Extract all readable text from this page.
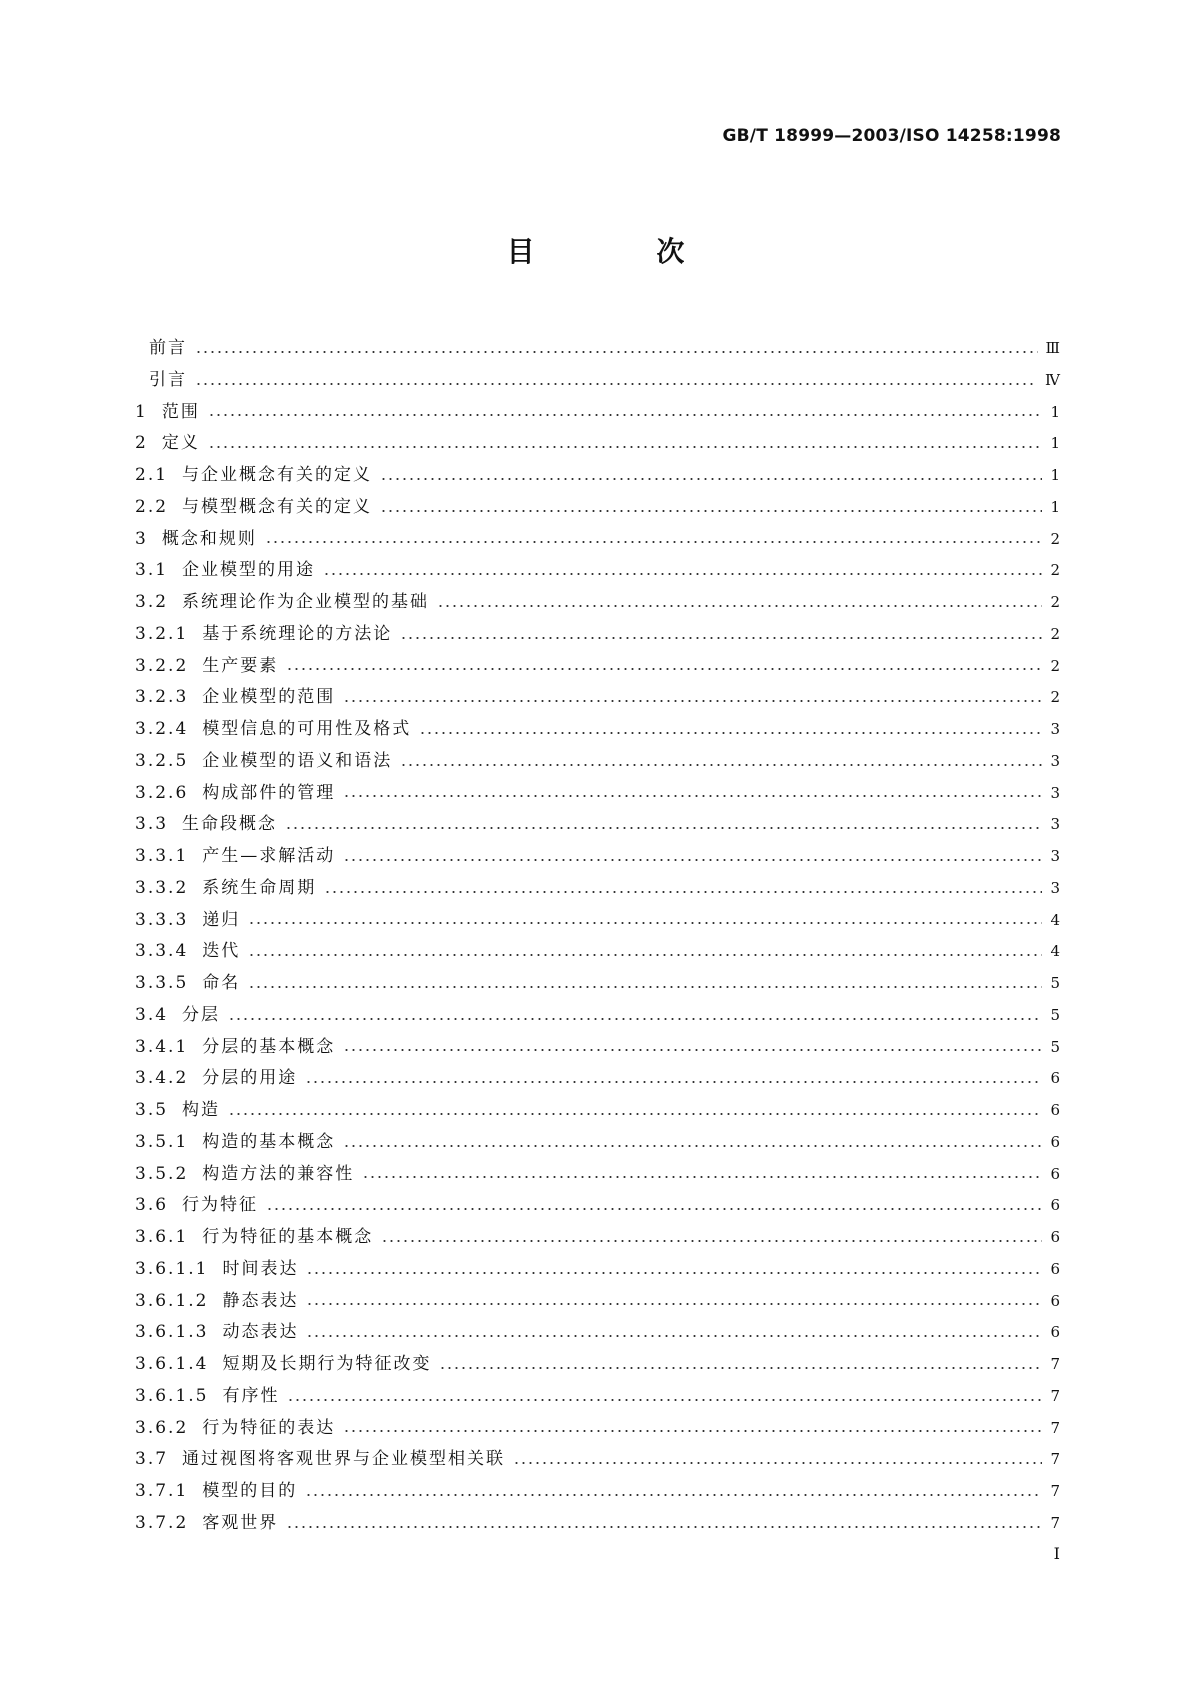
GB/T 18999—2003/ISO 14258:1998
目 次
前言	Ⅲ
引言	Ⅳ
1 范围	1
2 定义	1
2.1 与企业概念有关的定义	1
2.2 与模型概念有关的定义	1
3 概念和规则	2
3.1 企业模型的用途	2
3.2 系统理论作为企业模型的基础	2
3.2.1 基于系统理论的方法论	2
3.2.2 生产要素	2
3.2.3 企业模型的范围	2
3.2.4 模型信息的可用性及格式	3
3.2.5 企业模型的语义和语法	3
3.2.6 构成部件的管理	3
3.3 生命段概念	3
3.3.1 产生—求解活动	3
3.3.2 系统生命周期	3
3.3.3 递归	4
3.3.4 迭代	4
3.3.5 命名	5
3.4 分层	5
3.4.1 分层的基本概念	5
3.4.2 分层的用途	6
3.5 构造	6
3.5.1 构造的基本概念	6
3.5.2 构造方法的兼容性	6
3.6 行为特征	6
3.6.1 行为特征的基本概念	6
3.6.1.1 时间表达	6
3.6.1.2 静态表达	6
3.6.1.3 动态表达	6
3.6.1.4 短期及长期行为特征改变	7
3.6.1.5 有序性	7
3.6.2 行为特征的表达	7
3.7 通过视图将客观世界与企业模型相关联	7
3.7.1 模型的目的	7
3.7.2 客观世界	7
I
